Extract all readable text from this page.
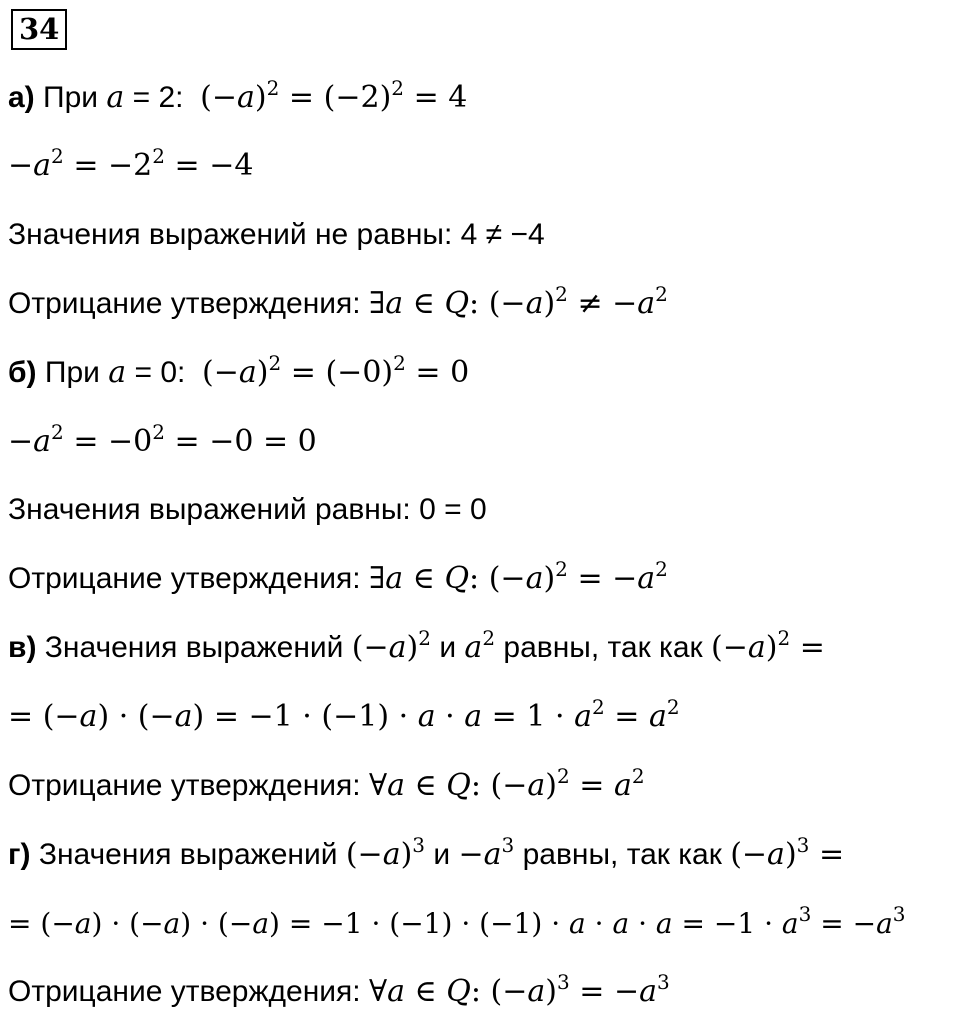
34
а) При a = 2: $(-a)^2 = (-2)^2 = 4$
$-a^2 = -2^2 = -4$
Значения выражений не равны: 4 ≠ −4
Отрицание утверждения: ∃a ∈ Q: $(-a)^2 \ne -a^2$
б) При a = 0: $(-a)^2 = (-0)^2 = 0$
$-a^2 = -0^2 = -0 = 0$
Значения выражений равны: 0 = 0
Отрицание утверждения: ∃a ∈ Q: $(-a)^2 = -a^2$
в) Значения выражений $(-a)^2$ и $a^2$ равны, так как $(-a)^2$ =
= $(-a) \cdot (-a) = -1 \cdot (-1) \cdot a \cdot a = 1 \cdot a^2 = a^2$
Отрицание утверждения: ∀a ∈ Q: $(-a)^2 = a^2$
г) Значения выражений $(-a)^3$ $и -a^3$ равны, так как $(-a)^3$ =
= $(-a) \cdot (-a) \cdot (-a) = -1 \cdot (-1) \cdot (-1) \cdot a \cdot a \cdot a = -1 \cdot a^3 = -a^3$
Отрицание утверждения: ∀a ∈ Q: $(-a)^3 = -a^3$
